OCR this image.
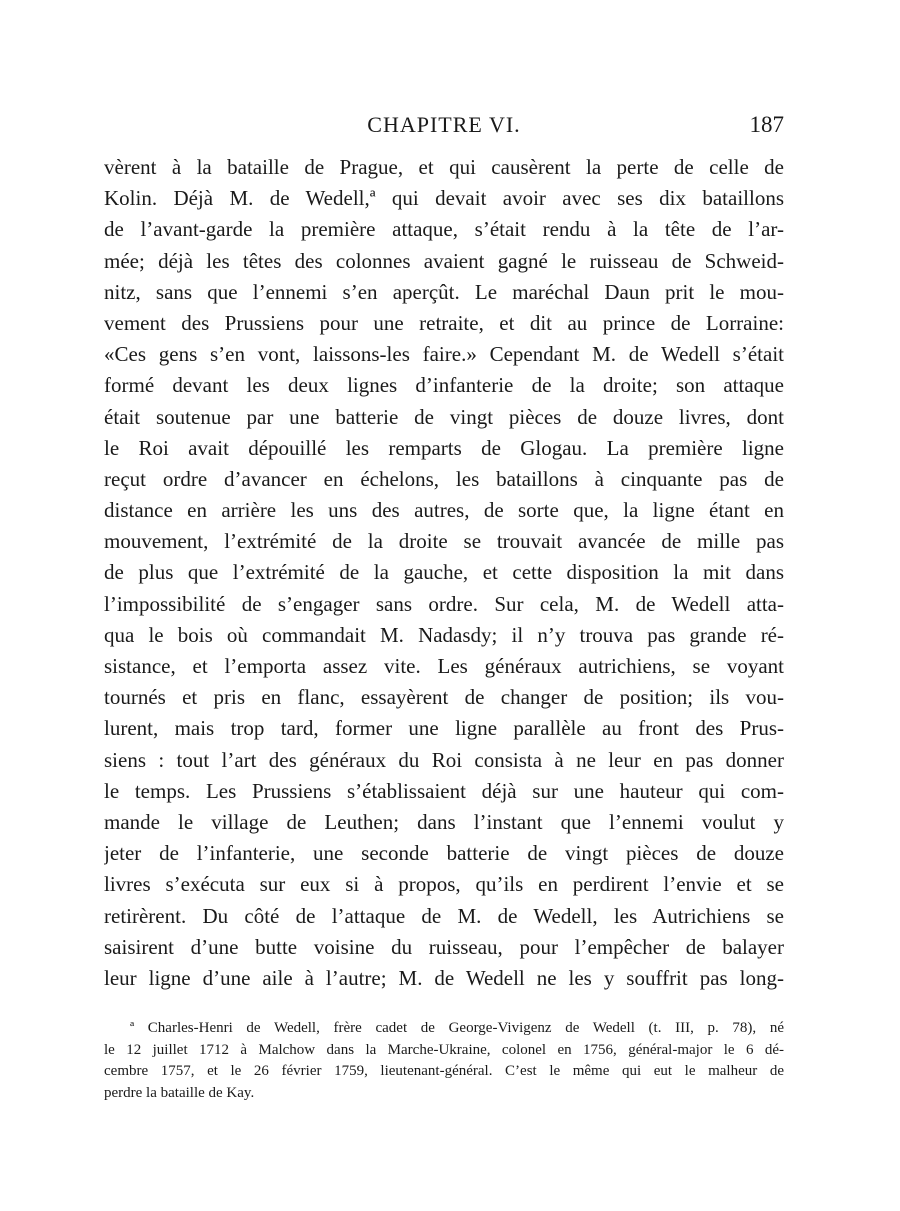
CHAPITRE VI.	187
vèrent à la bataille de Prague, et qui causèrent la perte de celle de
Kolin. Déjà M. de Wedell,ª qui devait avoir avec ses dix bataillons
de l’avant-garde la première attaque, s’était rendu à la tête de l’ar-
mée; déjà les têtes des colonnes avaient gagné le ruisseau de Schweid-
nitz, sans que l’ennemi s’en aperçût. Le maréchal Daun prit le mou-
vement des Prussiens pour une retraite, et dit au prince de Lorraine:
«Ces gens s’en vont, laissons-les faire.» Cependant M. de Wedell s’était
formé devant les deux lignes d’infanterie de la droite; son attaque
était soutenue par une batterie de vingt pièces de douze livres, dont
le Roi avait dépouillé les remparts de Glogau. La première ligne
reçut ordre d’avancer en échelons, les bataillons à cinquante pas de
distance en arrière les uns des autres, de sorte que, la ligne étant en
mouvement, l’extrémité de la droite se trouvait avancée de mille pas
de plus que l’extrémité de la gauche, et cette disposition la mit dans
l’impossibilité de s’engager sans ordre. Sur cela, M. de Wedell atta-
qua le bois où commandait M. Nadasdy; il n’y trouva pas grande ré-
sistance, et l’emporta assez vite. Les généraux autrichiens, se voyant
tournés et pris en flanc, essayèrent de changer de position; ils vou-
lurent, mais trop tard, former une ligne parallèle au front des Prus-
siens : tout l’art des généraux du Roi consista à ne leur en pas donner
le temps. Les Prussiens s’établissaient déjà sur une hauteur qui com-
mande le village de Leuthen; dans l’instant que l’ennemi voulut y
jeter de l’infanterie, une seconde batterie de vingt pièces de douze
livres s’exécuta sur eux si à propos, qu’ils en perdirent l’envie et se
retirèrent. Du côté de l’attaque de M. de Wedell, les Autrichiens se
saisirent d’une butte voisine du ruisseau, pour l’empêcher de balayer
leur ligne d’une aile à l’autre; M. de Wedell ne les y souffrit pas long-
ª Charles-Henri de Wedell, frère cadet de George-Vivigenz de Wedell (t. III, p. 78), né
le 12 juillet 1712 à Malchow dans la Marche-Ukraine, colonel en 1756, général-major le 6 dé-
cembre 1757, et le 26 février 1759, lieutenant-général. C’est le même qui eut le malheur de
perdre la bataille de Kay.
